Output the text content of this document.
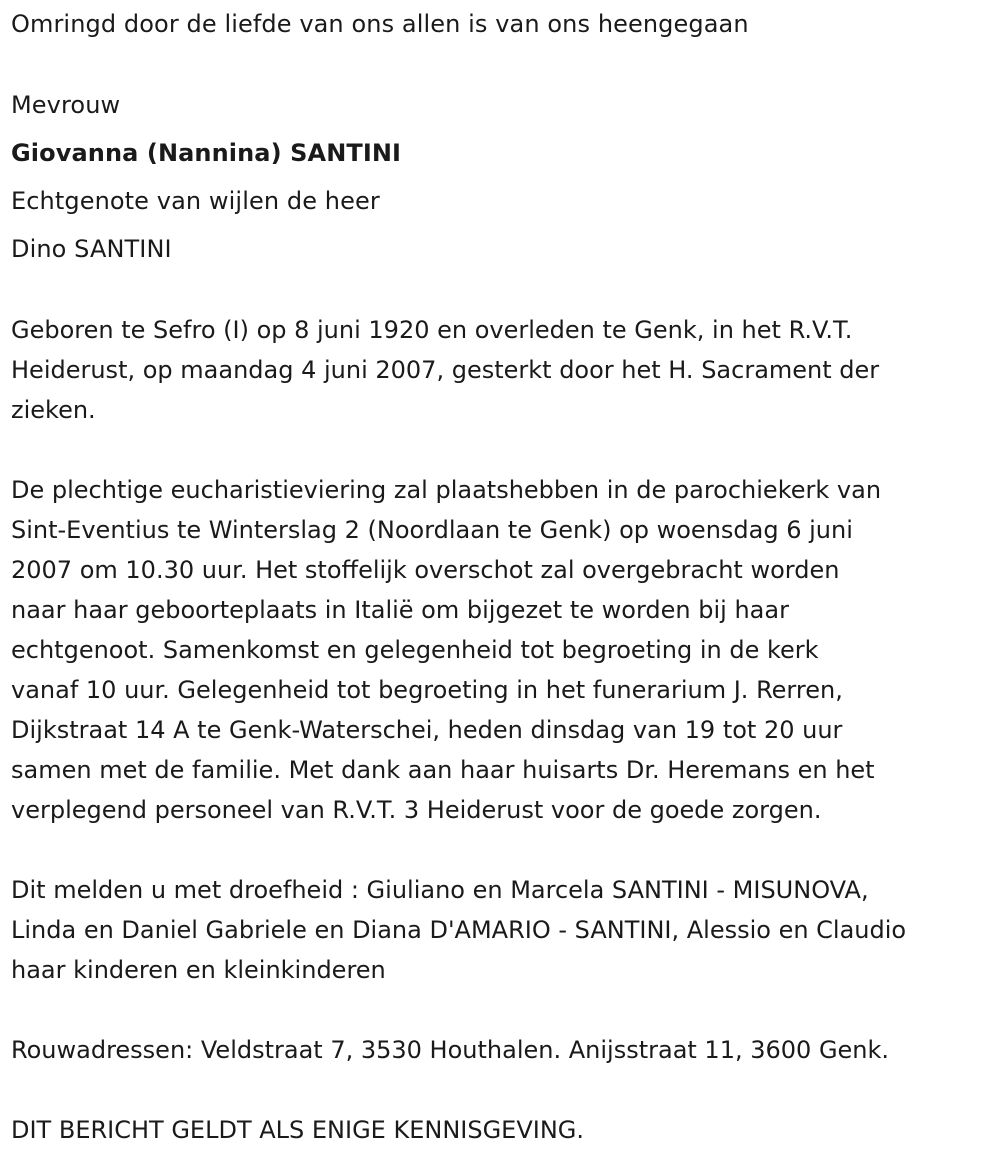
Omringd door de liefde van ons allen is van ons heengegaan
Mevrouw
Giovanna (Nannina) SANTINI
Echtgenote van wijlen de heer
Dino SANTINI
Geboren te Sefro (I) op 8 juni 1920 en overleden te Genk, in het R.V.T.
Heiderust, op maandag 4 juni 2007, gesterkt door het H. Sacrament der
zieken.
De plechtige eucharistieviering zal plaatshebben in de parochiekerk van
Sint-Eventius te Winterslag 2 (Noordlaan te Genk) op woensdag 6 juni
2007 om 10.30 uur. Het stoffelijk overschot zal overgebracht worden
naar haar geboorteplaats in Italië om bijgezet te worden bij haar
echtgenoot. Samenkomst en gelegenheid tot begroeting in de kerk
vanaf 10 uur. Gelegenheid tot begroeting in het funerarium J. Rerren,
Dijkstraat 14 A te Genk-Waterschei, heden dinsdag van 19 tot 20 uur
samen met de familie. Met dank aan haar huisarts Dr. Heremans en het
verplegend personeel van R.V.T. 3 Heiderust voor de goede zorgen.
Dit melden u met droefheid : Giuliano en Marcela SANTINI - MISUNOVA,
Linda en Daniel Gabriele en Diana D'AMARIO - SANTINI, Alessio en Claudio
haar kinderen en kleinkinderen
Rouwadressen: Veldstraat 7, 3530 Houthalen. Anijsstraat 11, 3600 Genk.
DIT BERICHT GELDT ALS ENIGE KENNISGEVING.
